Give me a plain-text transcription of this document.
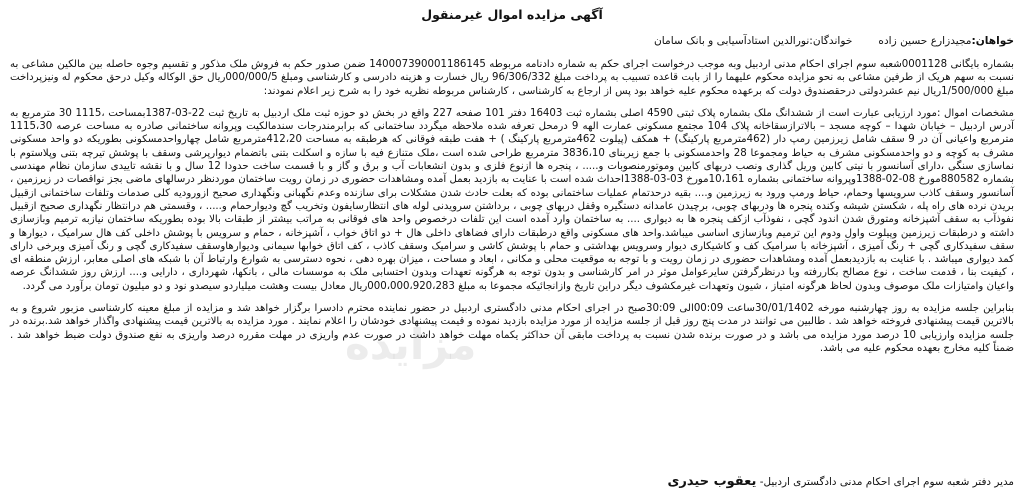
آگهی مزایده اموال غیرمنقول
خواهان:مجید‌زارع حسین زادهخواندگان:نورالدین استادآسیابی و بانک سامان

بشماره بایگانی 0001128شعبه سوم اجرای احکام مدنی اردبیل وبه موجب درخواست اجرای حکم به شماره دادنامه مربوطه 140007390001186145 ضمن صدور حکم به فروش ملک مذکور و تقسیم وجوه حاصله بین مالکین مشاعی به نسبت به سهم هریک از طرفین مشاعی به نحو مزایده محکوم علیهما را از بابت قاعده تسبیب به پرداخت مبلغ 96/306/332 ریال خسارت و هزینه دادرسی و کارشناسی ومبلغ 000/000/5ریال حق الوکاله وکیل درحق محکوم له ونیزپرداخت مبلغ 1/500/000ریال نیم عشردولتی درحقصندوق دولت که برعهده محکوم علیه خواهد بود پس از ارجاع به کارشناسی ، کارشناس مربوطه نظریه خود را به شرح زیر اعلام نمودند:

مشخصات اموال :مورد ارزیابی عبارت است از ششدانگ ملک بشماره پلاک ثبتی 4590 اصلی بشماره ثبت 16403 دفتر 101 صفحه 227 واقع در بخش دو حوزه ثبت ملک اردبیل به تاریخ ثبت 22-03-1387بمساحت ،1115 30 مترمربع به آدرس اردبیل – خیابان شهدا – کوچه مسجد – بالاترازسقاخانه پلاک 104 مجتمع مسکونی عمارت الهه 9 درمحل تعرفه شده ملاحظه میگردد ساختمانی که برابرمندرجات سندمالکیت وپروانه ساختمانی صادره به مساحت عرصه 1115،30 مترمربع واعیانی آن در 9 سقف شامل زیرزمین رمپ دار (462مترمربع پارکینگ) + همکف (پیلوت 462مترمربع پارکینگ ) + هفت طبقه فوقانی که هرطبقه به مساحت 412،20مترمربع شامل چهارواحدمسکونی بطوریکه دو واحد مسکونی مشرف به کوچه و دو واحدمسکونی مشرف به حیاط ومجموعا 28 واحدمسکونی با جمع زیربنای 3836،10 مترمربع طراحی شده است ،ملک متنازع فیه با سازه و اسکلت بتنی باتضمام دیوارپرشی وسقف با پوشش تیرچه بتنی وپلاستوم با نماسازی سنگی ،دارای آسانسور با نیتی کابین وریل گذاری ونصب دربهای کابین وموتورمنصوبات و..... ، پنجره ها ازنوع فلزی و بدون انشعابات آب و برق و گاز و با قسمت ساخت حدودا 12 سال و با نقشه تاییدی سازمان نظام مهندسی بشماره 880582مورخ 08-02-1388وپروانه ساختمانی بشماره 10،161مورخ 03-03-1388احداث شده است با عنایت به بازدید بعمل آمده ومشاهدات حضوری در زمان رویت ساختمان موردنظر درسالهای ماضی بجز نواقصات در زیرزمین ، آسانسور وسقف کاذب سرویسها وحمام، حیاط ورمپ ورود به زیرزمین و.... بقیه درحدتمام عملیات ساختمانی بوده که بعلت حادث شدن مشکلات برای سازنده وعدم نگهبانی ونگهداری صحیح ازورودیه کلی صدمات وتلفات ساختمانی ازقبیل بریدن نرده های راه پله ، شکستن شیشه وکنده پنجره ها ودربهای چوبی، برچیدن عامدانه دستگیره وقفل دربهای چوبی ، برداشتن سرویدنی لوله های انتظارسایفون وتخریب گچ ودیوارحمام و..... ، وقسمتی هم درانتظار نگهداری صحیح ازقبیل نفوذآب به سقف آشپزخانه ومتورق شدن اندود گچی ، نفوذآب ازکف پنجره ها به دیواری .... به ساختمان وارد آمده است این تلفات درخصوص واحد های فوقانی به مراتب بیشتر از طبقات بالا بوده بطوریکه ساختمان نیازبه ترمیم وبازسازی داشته و درطبقات زیرزمین وپیلوت واول ودوم این ترمیم وبازسازی اساسی میباشد.واحد های مسکونی واقع درطبقات دارای فضاهای داخلی هال + دو اتاق خواب ، آشپزخانه ، حمام و سرویس با پوشش داخلی کف هال سرامیک ، دیوارها و سقف سفیدکاری گچی + رنگ آمیزی ، آشپزخانه با سرامیک کف و کاشیکاری دیوار وسرویس بهداشتی و حمام با پوشش کاشی و سرامیک وسقف کاذب ، کف اتاق خوابها سیمانی ودیوارهاوسقف سفیدکاری گچی و رنگ آمیزی وبرخی دارای کمد دیواری میباشد . با عنایت به بازدیدبعمل آمده ومشاهدات حضوری در زمان رویت و با توجه به موقعیت محلی و مکانی ، ابعاد و مساحت ، میزان بهره دهی ، نحوه دسترسی به شوارع وارتباط آن با شبکه های اصلی معابر، ارزش منطقه ای ، کیفیت بنا ، قدمت ساخت ، نوع مصالح بکاررفته وبا درنظرگرفتن سایرعوامل موثر در امر کارشناسی و بدون توجه به هرگونه تعهدات وبدون احتسابی ملک به موسسات مالی ، بانکها، شهرداری ، دارایی و.... ارزش روز ششدانگ عرصه واعیان وامتیازات ملک موصوف وبدون لحاظ هرگونه امتیاز ، شیون وتعهدات غیرمکشوف دیگر دراین تاریخ وازانجائیکه مجموعا به مبلغ 000،000،920،283ریال معادل بیست وهشت میلیاردو سیصدو نود و دو میلیون تومان برآورد می گردد.

بنابراین جلسه مزایده به روز چهارشنبه مورخه 30/01/1402ساعت 00:09الی 30:09صبح در اجرای احکام مدنی دادگستری اردبیل در حضور نماینده محترم دادسرا برگزار خواهد شد و مزایده از مبلغ معینه کارشناسی مزبور شروع و به بالاترین قیمت پیشنهادی فروخته خواهد شد . طالبین می توانند در مدت پنج روز قبل از جلسه مزایده از مورد مزایده بازدید نموده و قیمت پیشنهادی خودشان را اعلام نمایند . مورد مزایده به بالاترین قیمت پیشنهادی واگذار خواهد شد.برنده در جلسه مزایده وارزیابی 10 درصد مورد مزایده می باشد و در صورت برنده شدن نسبت به پرداخت مابقی آن حداکثر یکماه مهلت خواهد داشت در صورت عدم واریزی در مهلت مقرره درصد واریزی به نفع صندوق دولت ضبط خواهد شد . ضمناً کلیه مخارج بعهده محکوم علیه می باشد.

مدیر دفتر شعبه سوم اجرای احکام مدنی دادگستری اردبیل- یعقوب حیدری
مزایده
